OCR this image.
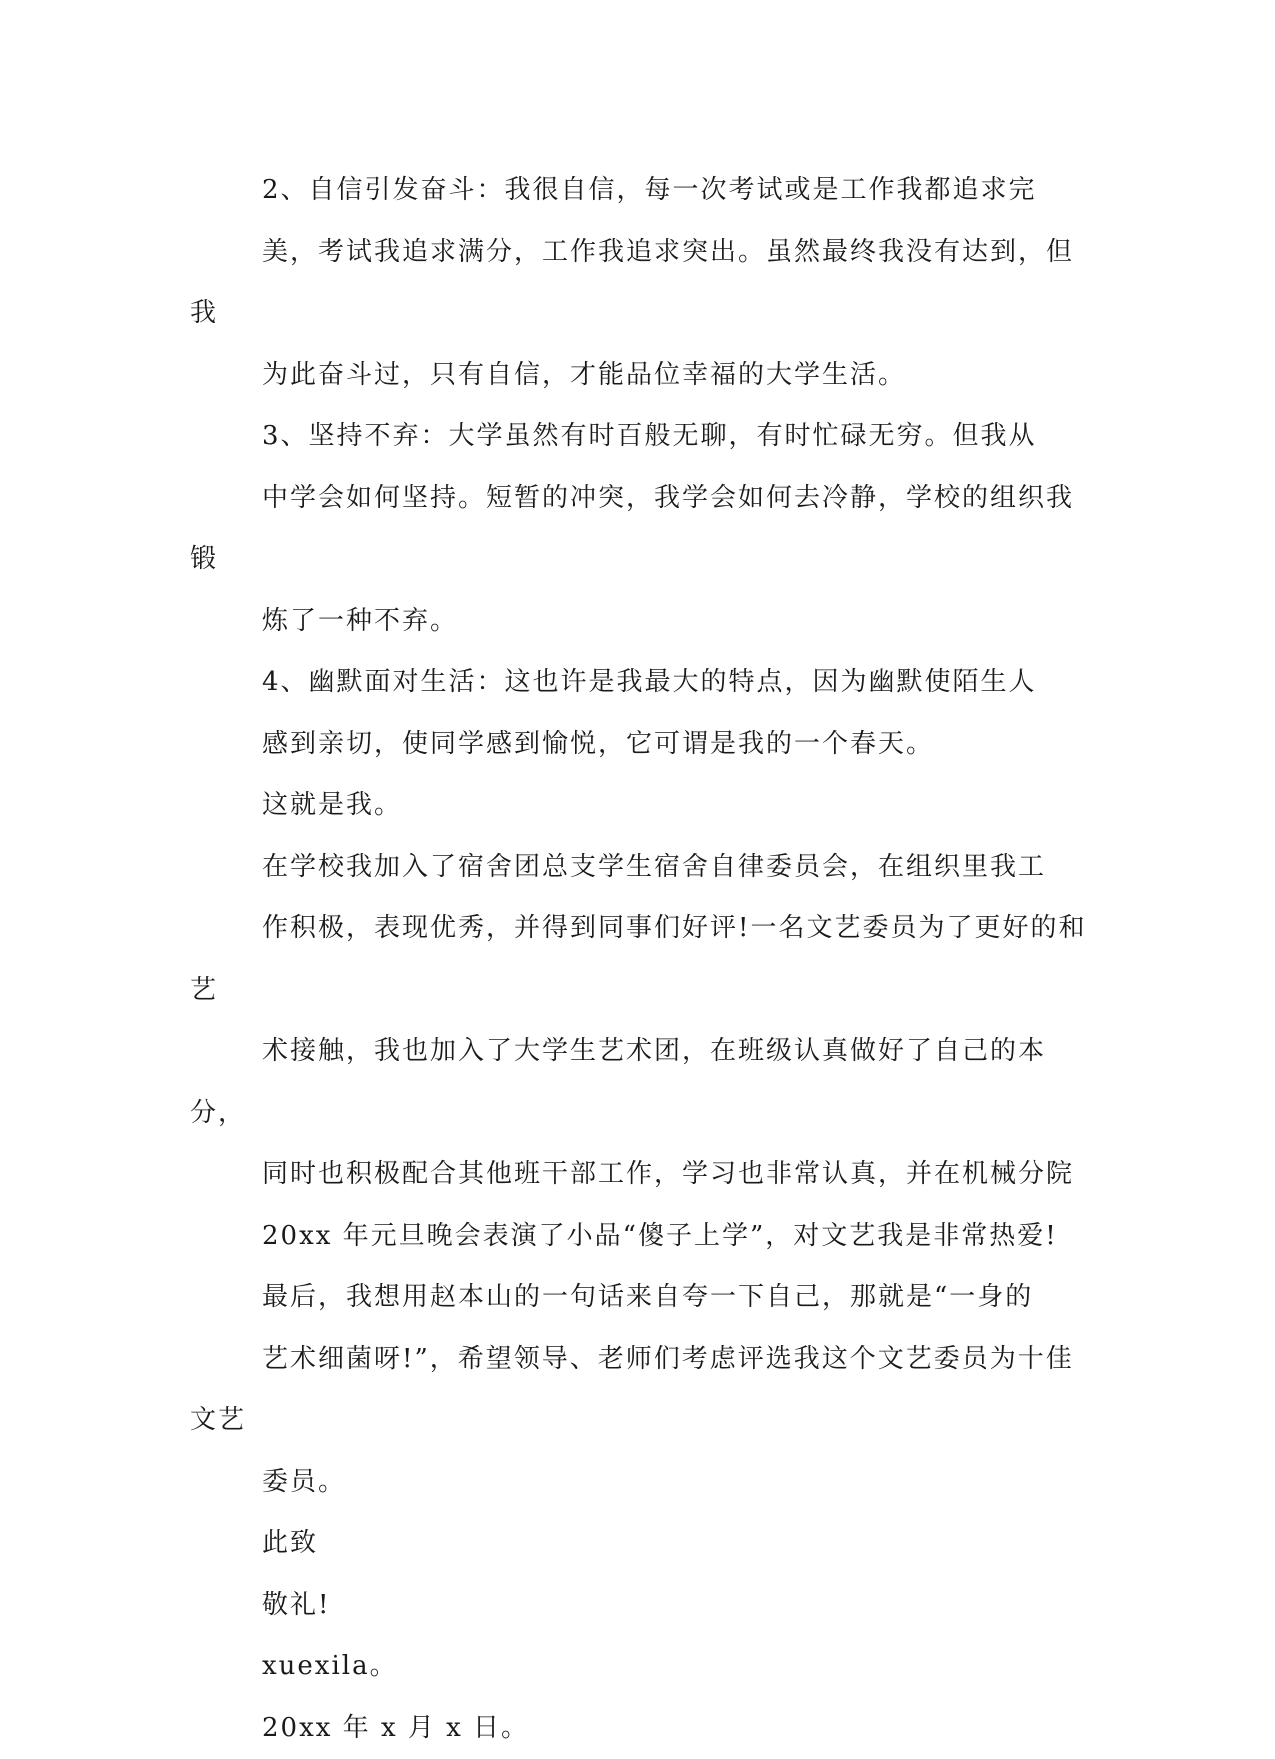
2、自信引发奋斗：我很自信，每一次考试或是工作我都追求完
美，考试我追求满分，工作我追求突出。虽然最终我没有达到，但我
为此奋斗过，只有自信，才能品位幸福的大学生活。

3、坚持不弃：大学虽然有时百般无聊，有时忙碌无穷。但我从
中学会如何坚持。短暂的冲突，我学会如何去冷静，学校的组织我锻
炼了一种不弃。

4、幽默面对生活：这也许是我最大的特点，因为幽默使陌生人
感到亲切，使同学感到愉悦，它可谓是我的一个春天。

这就是我。

在学校我加入了宿舍团总支学生宿舍自律委员会，在组织里我工
作积极，表现优秀，并得到同事们好评!一名文艺委员为了更好的和艺
术接触，我也加入了大学生艺术团，在班级认真做好了自己的本分，
同时也积极配合其他班干部工作，学习也非常认真，并在机械分院
20xx 年元旦晚会表演了小品“傻子上学”，对文艺我是非常热爱!

最后，我想用赵本山的一句话来自夸一下自己，那就是“一身的
艺术细菌呀!”，希望领导、老师们考虑评选我这个文艺委员为十佳文艺
委员。

此致

敬礼!

xuexila。

20xx 年 x 月 x 日。
